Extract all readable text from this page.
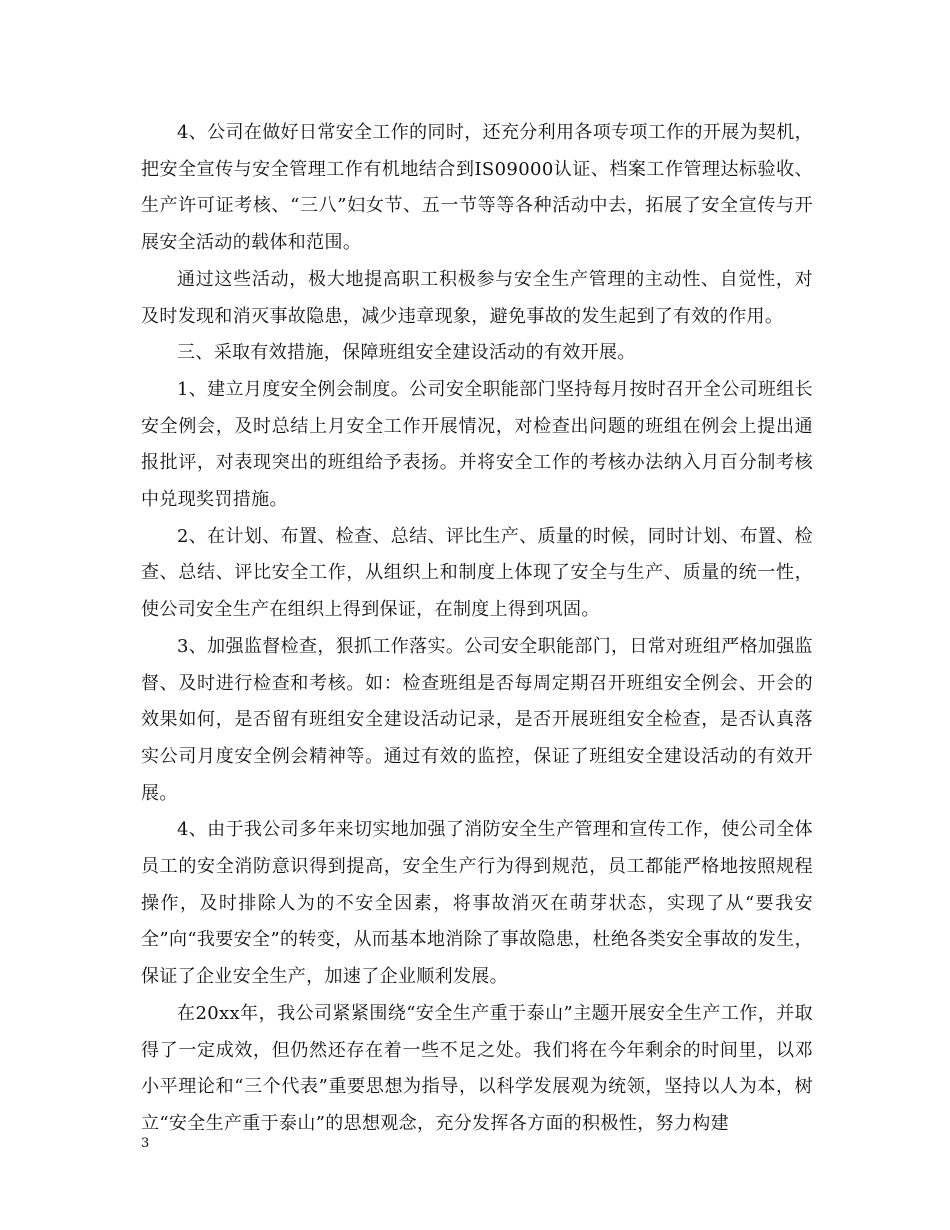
4、公司在做好日常安全工作的同时，还充分利用各项专项工作的开展为契机，把安全宣传与安全管理工作有机地结合到IS09000认证、档案工作管理达标验收、生产许可证考核、“三八”妇女节、五一节等等各种活动中去，拓展了安全宣传与开展安全活动的载体和范围。

通过这些活动，极大地提高职工积极参与安全生产管理的主动性、自觉性，对及时发现和消灭事故隐患，减少违章现象，避免事故的发生起到了有效的作用。

三、采取有效措施，保障班组安全建设活动的有效开展。

1、建立月度安全例会制度。公司安全职能部门坚持每月按时召开全公司班组长安全例会，及时总结上月安全工作开展情况，对检查出问题的班组在例会上提出通报批评，对表现突出的班组给予表扬。并将安全工作的考核办法纳入月百分制考核中兑现奖罚措施。

2、在计划、布置、检查、总结、评比生产、质量的时候，同时计划、布置、检查、总结、评比安全工作，从组织上和制度上体现了安全与生产、质量的统一性，使公司安全生产在组织上得到保证，在制度上得到巩固。

3、加强监督检查，狠抓工作落实。公司安全职能部门，日常对班组严格加强监督、及时进行检查和考核。如：检查班组是否每周定期召开班组安全例会、开会的效果如何，是否留有班组安全建设活动记录，是否开展班组安全检查，是否认真落实公司月度安全例会精神等。通过有效的监控，保证了班组安全建设活动的有效开展。

4、由于我公司多年来切实地加强了消防安全生产管理和宣传工作，使公司全体员工的安全消防意识得到提高，安全生产行为得到规范，员工都能严格地按照规程操作，及时排除人为的不安全因素，将事故消灭在萌芽状态，实现了从“要我安全”向“我要安全”的转变，从而基本地消除了事故隐患，杜绝各类安全事故的发生，保证了企业安全生产，加速了企业顺利发展。

在20xx年，我公司紧紧围绕“安全生产重于泰山”主题开展安全生产工作，并取得了一定成效，但仍然还存在着一些不足之处。我们将在今年剩余的时间里，以邓小平理论和“三个代表”重要思想为指导，以科学发展观为统领，坚持以人为本，树立“安全生产重于泰山”的思想观念，充分发挥各方面的积极性，努力构建

3
